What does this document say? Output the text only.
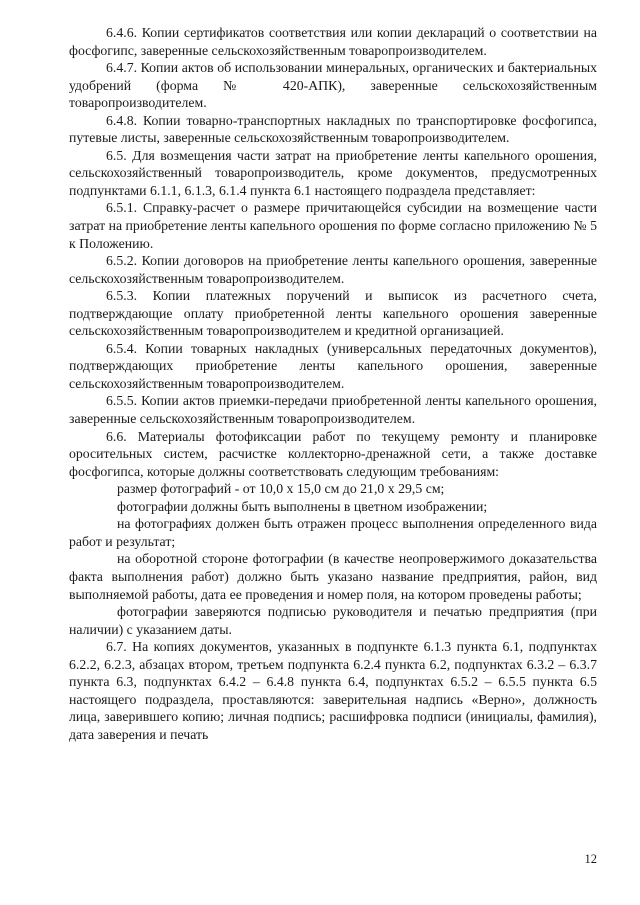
6.4.6. Копии сертификатов соответствия или копии деклараций о соответствии на фосфогипс, заверенные сельскохозяйственным товаропроизводителем.

6.4.7. Копии актов об использовании минеральных, органических и бактериальных удобрений (форма № 420-АПК), заверенные сельскохозяйственным товаропроизводителем.

6.4.8. Копии товарно-транспортных накладных по транспортировке фосфогипса, путевые листы, заверенные сельскохозяйственным товаропроизводителем.

6.5. Для возмещения части затрат на приобретение ленты капельного орошения, сельскохозяйственный товаропроизводитель, кроме документов, предусмотренных подпунктами 6.1.1, 6.1.3, 6.1.4 пункта 6.1 настоящего подраздела представляет:

6.5.1. Справку-расчет о размере причитающейся субсидии на возмещение части затрат на приобретение ленты капельного орошения по форме согласно приложению № 5 к Положению.

6.5.2. Копии договоров на приобретение ленты капельного орошения, заверенные сельскохозяйственным товаропроизводителем.

6.5.3. Копии платежных поручений и выписок из расчетного счета, подтверждающие оплату приобретенной ленты капельного орошения заверенные сельскохозяйственным товаропроизводителем и кредитной организацией.

6.5.4. Копии товарных накладных (универсальных передаточных документов), подтверждающих приобретение ленты капельного орошения, заверенные сельскохозяйственным товаропроизводителем.

6.5.5. Копии актов приемки-передачи приобретенной ленты капельного орошения, заверенные сельскохозяйственным товаропроизводителем.

6.6. Материалы фотофиксации работ по текущему ремонту и планировке оросительных систем, расчистке коллекторно-дренажной сети, а также доставке фосфогипса, которые должны соответствовать следующим требованиям:

размер фотографий - от 10,0 х 15,0 см до 21,0 х 29,5 см;

фотографии должны быть выполнены в цветном изображении;

на фотографиях должен быть отражен процесс выполнения определенного вида работ и результат;

на оборотной стороне фотографии (в качестве неопровержимого доказательства факта выполнения работ) должно быть указано название предприятия, район, вид выполняемой работы, дата ее проведения и номер поля, на котором проведены работы;

фотографии заверяются подписью руководителя и печатью предприятия (при наличии) с указанием даты.

6.7. На копиях документов, указанных в подпункте 6.1.3 пункта 6.1, подпунктах 6.2.2, 6.2.3, абзацах втором, третьем подпункта 6.2.4 пункта 6.2, подпунктах 6.3.2 – 6.3.7 пункта 6.3, подпунктах 6.4.2 – 6.4.8 пункта 6.4, подпунктах 6.5.2 – 6.5.5 пункта 6.5 настоящего подраздела, проставляются: заверительная надпись «Верно», должность лица, заверившего копию; личная подпись; расшифровка подписи (инициалы, фамилия), дата заверения и печать

12
